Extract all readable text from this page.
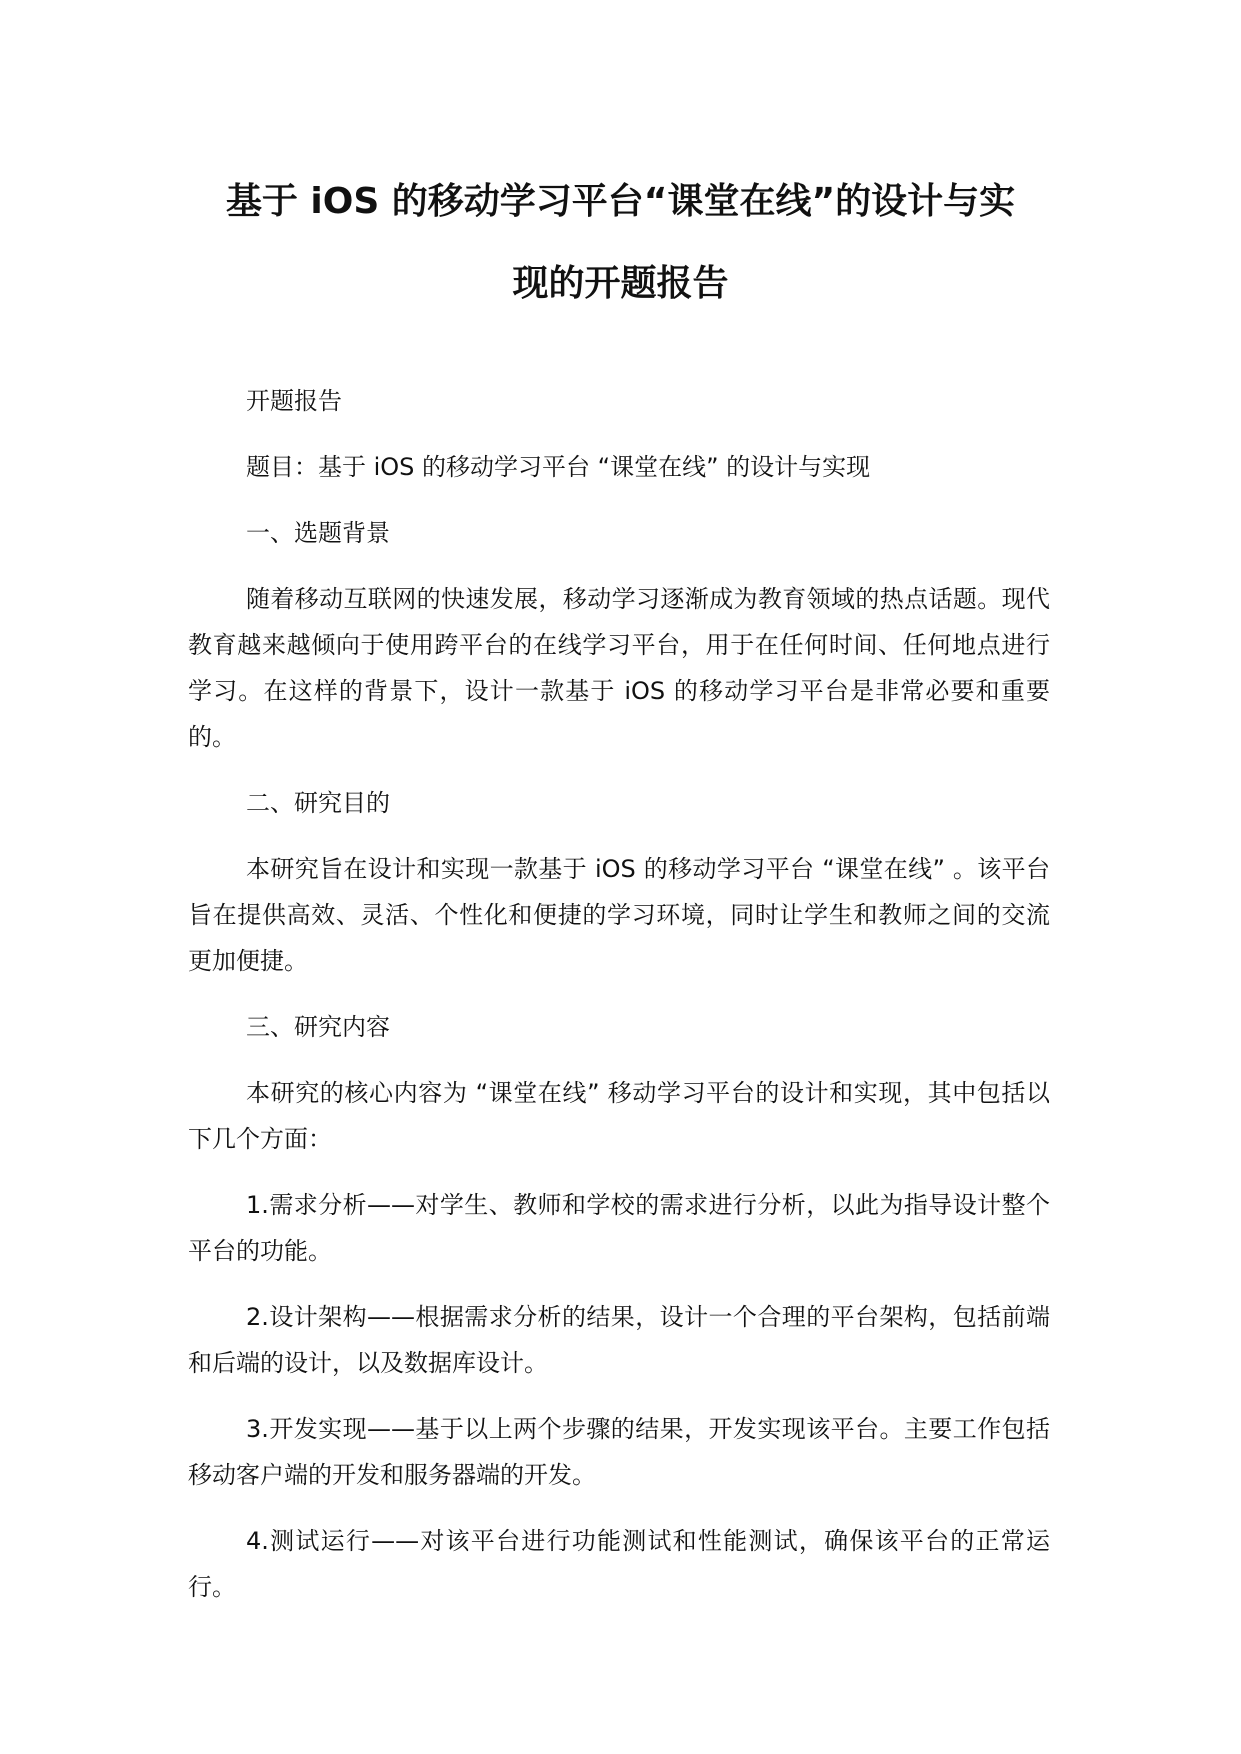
基于 iOS 的移动学习平台“课堂在线”的设计与实
现的开题报告

开题报告

题目：基于 iOS 的移动学习平台 “课堂在线” 的设计与实现

一、选题背景

随着移动互联网的快速发展，移动学习逐渐成为教育领域的热点话题。现代教育越来越倾向于使用跨平台的在线学习平台，用于在任何时间、任何地点进行学习。在这样的背景下，设计一款基于 iOS 的移动学习平台是非常必要和重要的。

二、研究目的

本研究旨在设计和实现一款基于 iOS 的移动学习平台 “课堂在线” 。该平台旨在提供高效、灵活、个性化和便捷的学习环境，同时让学生和教师之间的交流更加便捷。

三、研究内容

本研究的核心内容为 “课堂在线” 移动学习平台的设计和实现，其中包括以下几个方面：

1.需求分析——对学生、教师和学校的需求进行分析，以此为指导设计整个平台的功能。

2.设计架构——根据需求分析的结果，设计一个合理的平台架构，包括前端和后端的设计，以及数据库设计。

3.开发实现——基于以上两个步骤的结果，开发实现该平台。主要工作包括移动客户端的开发和服务器端的开发。

4.测试运行——对该平台进行功能测试和性能测试，确保该平台的正常运行。
